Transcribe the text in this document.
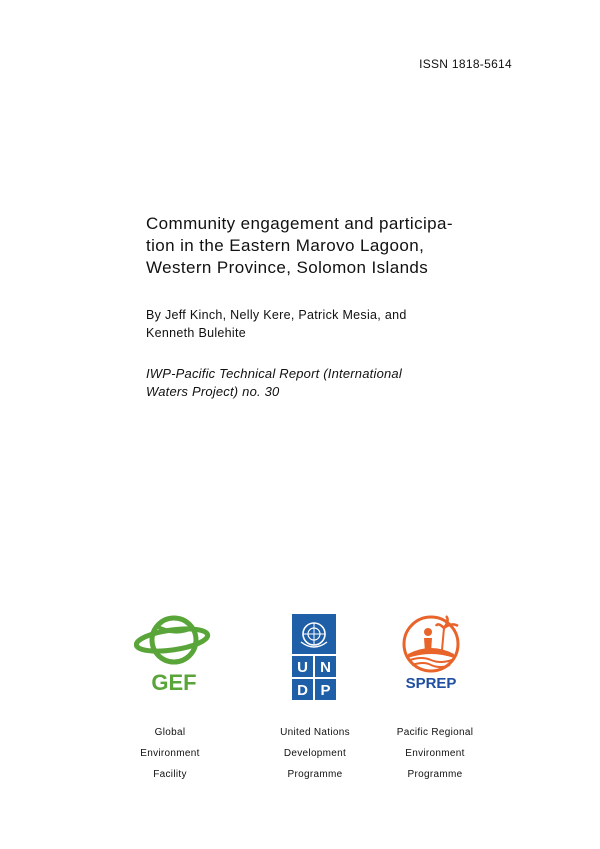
ISSN 1818-5614
Community engagement and participa-
tion in the Eastern Marovo Lagoon,
Western Province, Solomon Islands
By Jeff Kinch, Nelly Kere, Patrick Mesia, and
Kenneth Bulehite
IWP-Pacific Technical Report (International
Waters Project) no. 30
GEF
U N
D P	SPREP
Global
Environment
Facility
United Nations
Development
Programme
Pacific Regional
Environment
Programme
